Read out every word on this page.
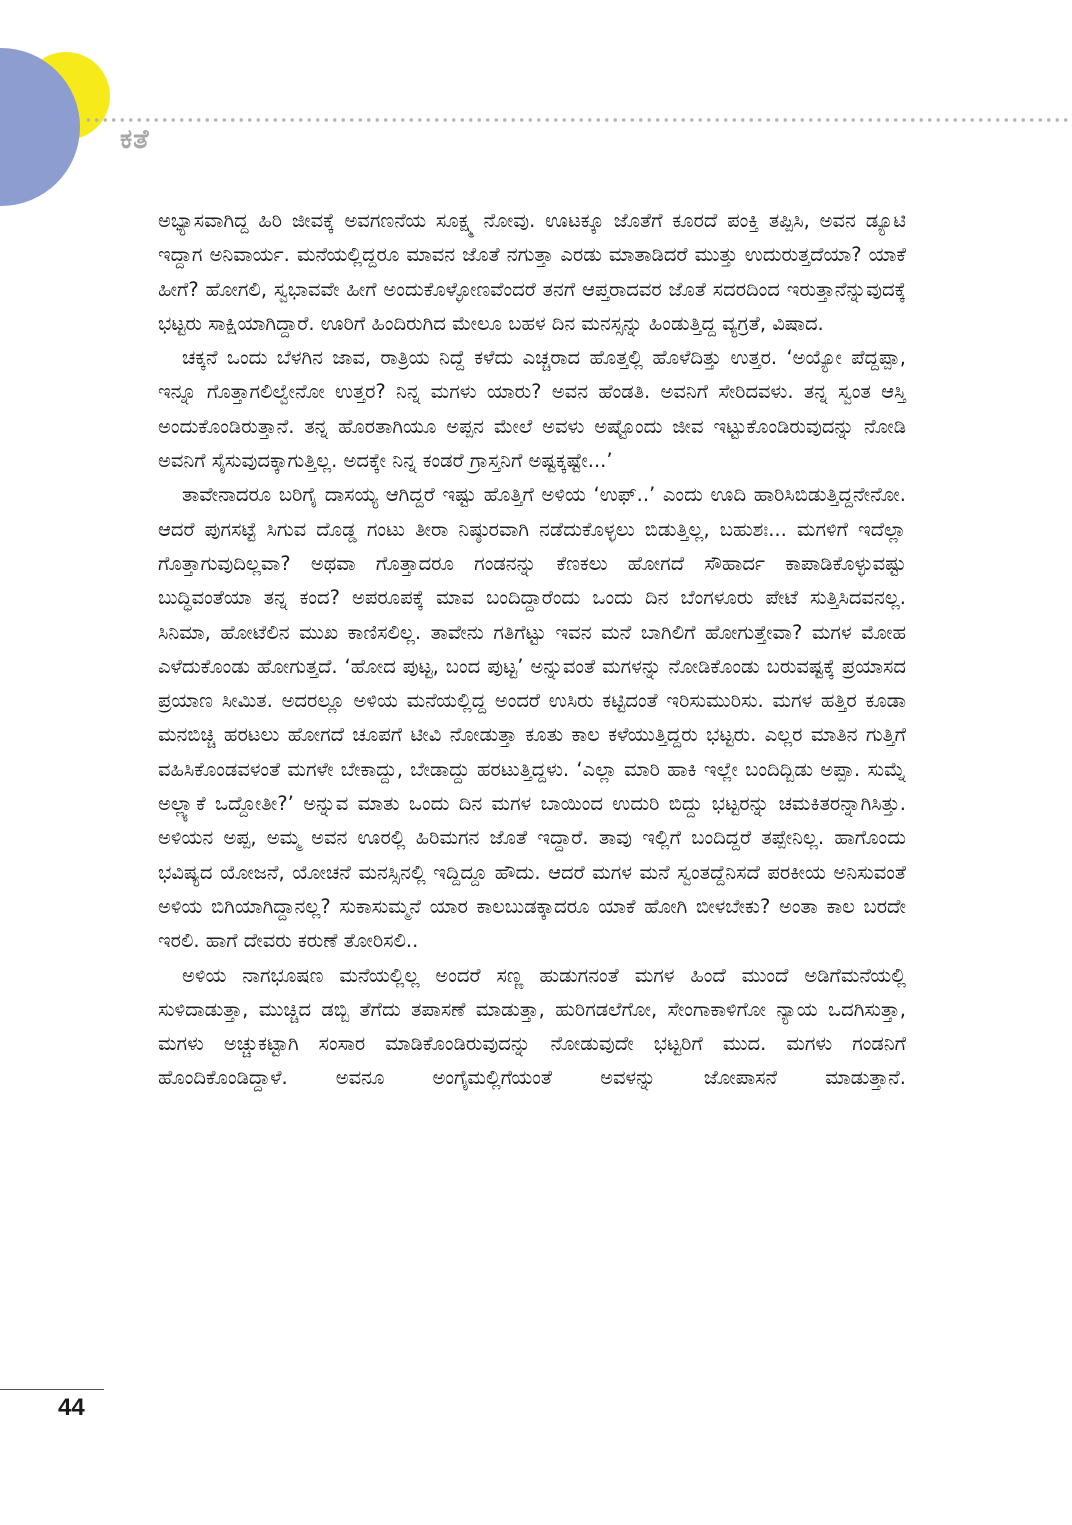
ಕತೆ

ಅಭ್ಯಾಸವಾಗಿದ್ದ ಹಿರಿ ಜೀವಕ್ಕೆ ಅವಗಣನೆಯ ಸೂಕ್ಷ್ಮ ನೋವು. ಊಟಕ್ಕೂ ಜೊತೆಗೆ ಕೂರದೆ ಪಂಕ್ತಿ ತಪ್ಪಿಸಿ, ಅವನ ಡ್ಯೂಟಿ ಇದ್ದಾಗ ಅನಿವಾರ್ಯ. ಮನೆಯಲ್ಲಿದ್ದರೂ ಮಾವನ ಜೊತೆ ನಗುತ್ತಾ ಎರಡು ಮಾತಾಡಿದರೆ ಮುತ್ತು ಉದುರುತ್ತದೆಯಾ? ಯಾಕೆ ಹೀಗೆ? ಹೋಗಲಿ, ಸ್ವಭಾವವೇ ಹೀಗೆ ಅಂದುಕೊಳ್ಳೋಣವೆಂದರೆ ತನಗೆ ಆಪ್ತರಾದವರ ಜೊತೆ ಸದರದಿಂದ ಇರುತ್ತಾನೆನ್ನುವುದಕ್ಕೆ ಭಟ್ಟರು ಸಾಕ್ಷಿಯಾಗಿದ್ದಾರೆ. ಊರಿಗೆ ಹಿಂದಿರುಗಿದ ಮೇಲೂ ಬಹಳ ದಿನ ಮನಸ್ಸನ್ನು ಹಿಂಡುತ್ತಿದ್ದ ವ್ಯಗ್ರತೆ, ವಿಷಾದ.

ಚಕ್ಕನೆ ಒಂದು ಬೆಳಗಿನ ಜಾವ, ರಾತ್ರಿಯ ನಿದ್ದೆ ಕಳೆದು ಎಚ್ಚರಾದ ಹೊತ್ತಲ್ಲಿ ಹೊಳೆದಿತ್ತು ಉತ್ತರ. ‘ಅಯ್ಯೋ ಪೆದ್ದಪ್ಪಾ, ಇನ್ನೂ ಗೊತ್ತಾಗಲಿಲ್ವೇನೋ ಉತ್ತರ? ನಿನ್ನ ಮಗಳು ಯಾರು? ಅವನ ಹೆಂಡತಿ. ಅವನಿಗೆ ಸೇರಿದವಳು. ತನ್ನ ಸ್ವಂತ ಆಸ್ತಿ ಅಂದುಕೊಂಡಿರುತ್ತಾನೆ. ತನ್ನ ಹೊರತಾಗಿಯೂ ಅಪ್ಪನ ಮೇಲೆ ಅವಳು ಅಷ್ಟೊಂದು ಜೀವ ಇಟ್ಟುಕೊಂಡಿರುವುದನ್ನು ನೋಡಿ ಅವನಿಗೆ ಸೈಸುವುದಕ್ಕಾಗುತ್ತಿಲ್ಲ. ಅದಕ್ಕೇ ನಿನ್ನ ಕಂಡರೆ ಗ್ರಾಸ್ತನಿಗೆ ಅಷ್ಟಕ್ಕಷ್ಟೇ...’

ತಾವೇನಾದರೂ ಬರಿಗೈ ದಾಸಯ್ಯ ಆಗಿದ್ದರೆ ಇಷ್ಟು ಹೊತ್ತಿಗೆ ಅಳಿಯ ‘ಉಫ್..’ ಎಂದು ಊದಿ ಹಾರಿಸಿಬಿಡುತ್ತಿದ್ದನೇನೋ. ಆದರೆ ಪುಗಸಟ್ಟೆ ಸಿಗುವ ದೊಡ್ಡ ಗಂಟು ತೀರಾ ನಿಷ್ಠುರವಾಗಿ ನಡೆದುಕೊಳ್ಳಲು ಬಿಡುತ್ತಿಲ್ಲ, ಬಹುಶಃ... ಮಗಳಿಗೆ ಇದೆಲ್ಲಾ ಗೊತ್ತಾಗುವುದಿಲ್ಲವಾ? ಅಥವಾ ಗೊತ್ತಾದರೂ ಗಂಡನನ್ನು ಕೆಣಕಲು ಹೋಗದೆ ಸೌಹಾರ್ದ ಕಾಪಾಡಿಕೊಳ್ಳುವಷ್ಟು ಬುದ್ಧಿವಂತೆಯಾ ತನ್ನ ಕಂದ? ಅಪರೂಪಕ್ಕೆ ಮಾವ ಬಂದಿದ್ದಾರೆಂದು ಒಂದು ದಿನ ಬೆಂಗಳೂರು ಪೇಟೆ ಸುತ್ತಿಸಿದವನಲ್ಲ. ಸಿನಿಮಾ, ಹೋಟೆಲಿನ ಮುಖ ಕಾಣಿಸಲಿಲ್ಲ. ತಾವೇನು ಗತಿಗೆಟ್ಟು ಇವನ ಮನೆ ಬಾಗಿಲಿಗೆ ಹೋಗುತ್ತೇವಾ? ಮಗಳ ಮೋಹ ಎಳೆದುಕೊಂಡು ಹೋಗುತ್ತದೆ. ‘ಹೋದ ಪುಟ್ಟ, ಬಂದ ಪುಟ್ಟ’ ಅನ್ನುವಂತೆ ಮಗಳನ್ನು ನೋಡಿಕೊಂಡು ಬರುವಷ್ಟಕ್ಕೆ ಪ್ರಯಾಸದ ಪ್ರಯಾಣ ಸೀಮಿತ. ಅದರಲ್ಲೂ ಅಳಿಯ ಮನೆಯಲ್ಲಿದ್ದ ಅಂದರೆ ಉಸಿರು ಕಟ್ಟಿದಂತೆ ಇರಿಸುಮುರಿಸು. ಮಗಳ ಹತ್ತಿರ ಕೂಡಾ ಮನಬಿಚ್ಚಿ ಹರಟಲು ಹೋಗದೆ ಚೂಪಗೆ ಟೀವಿ ನೋಡುತ್ತಾ ಕೂತು ಕಾಲ ಕಳೆಯುತ್ತಿದ್ದರು ಭಟ್ಟರು. ಎಲ್ಲರ ಮಾತಿನ ಗುತ್ತಿಗೆ ವಹಿಸಿಕೊಂಡವಳಂತೆ ಮಗಳೇ ಬೇಕಾದ್ದು, ಬೇಡಾದ್ದು ಹರಟುತ್ತಿದ್ದಳು. ‘ಎಲ್ಲಾ ಮಾರಿ ಹಾಕಿ ಇಲ್ಲೇ ಬಂದಿದ್ಬಿಡು ಅಪ್ಪಾ. ಸುಮ್ನೆ ಅಲ್ಲ್ಯಾಕೆ ಒದ್ದೋತೀ?’ ಅನ್ನುವ ಮಾತು ಒಂದು ದಿನ ಮಗಳ ಬಾಯಿಂದ ಉದುರಿ ಬಿದ್ದು ಭಟ್ಟರನ್ನು ಚಮಕಿತರನ್ನಾಗಿಸಿತ್ತು. ಅಳಿಯನ ಅಪ್ಪ, ಅಮ್ಮ ಅವನ ಊರಲ್ಲಿ ಹಿರಿಮಗನ ಜೊತೆ ಇದ್ದಾರೆ. ತಾವು ಇಲ್ಲಿಗೆ ಬಂದಿದ್ದರೆ ತಪ್ಪೇನಿಲ್ಲ. ಹಾಗೊಂದು ಭವಿಷ್ಯದ ಯೋಜನೆ, ಯೋಚನೆ ಮನಸ್ಸಿನಲ್ಲಿ ಇದ್ದಿದ್ದೂ ಹೌದು. ಆದರೆ ಮಗಳ ಮನೆ ಸ್ವಂತದ್ದೆನಿಸದೆ ಪರಕೀಯ ಅನಿಸುವಂತೆ ಅಳಿಯ ಬಿಗಿಯಾಗಿದ್ದಾನಲ್ಲ? ಸುಕಾಸುಮ್ಮನೆ ಯಾರ ಕಾಲಬುಡಕ್ಕಾದರೂ ಯಾಕೆ ಹೋಗಿ ಬೀಳಬೇಕು? ಅಂತಾ ಕಾಲ ಬರದೇ ಇರಲಿ. ಹಾಗೆ ದೇವರು ಕರುಣೆ ತೋರಿಸಲಿ..

ಅಳಿಯ ನಾಗಭೂಷಣ ಮನೆಯಲ್ಲಿಲ್ಲ ಅಂದರೆ ಸಣ್ಣ ಹುಡುಗನಂತೆ ಮಗಳ ಹಿಂದೆ ಮುಂದೆ ಅಡಿಗೆಮನೆಯಲ್ಲಿ ಸುಳಿದಾಡುತ್ತಾ, ಮುಚ್ಚಿದ ಡಬ್ಬಿ ತೆಗೆದು ತಪಾಸಣೆ ಮಾಡುತ್ತಾ, ಹುರಿಗಡಲೆಗೋ, ಸೇಂಗಾಕಾಳಿಗೋ ನ್ಯಾಯ ಒದಗಿಸುತ್ತಾ, ಮಗಳು ಅಚ್ಚುಕಟ್ಟಾಗಿ ಸಂಸಾರ ಮಾಡಿಕೊಂಡಿರುವುದನ್ನು ನೋಡುವುದೇ ಭಟ್ಟರಿಗೆ ಮುದ. ಮಗಳು ಗಂಡನಿಗೆ ಹೊಂದಿಕೊಂಡಿದ್ದಾಳೆ. ಅವನೂ ಅಂಗೈಮಲ್ಲಿಗೆಯಂತೆ ಅವಳನ್ನು ಜೋಪಾಸನೆ ಮಾಡುತ್ತಾನೆ.

44
